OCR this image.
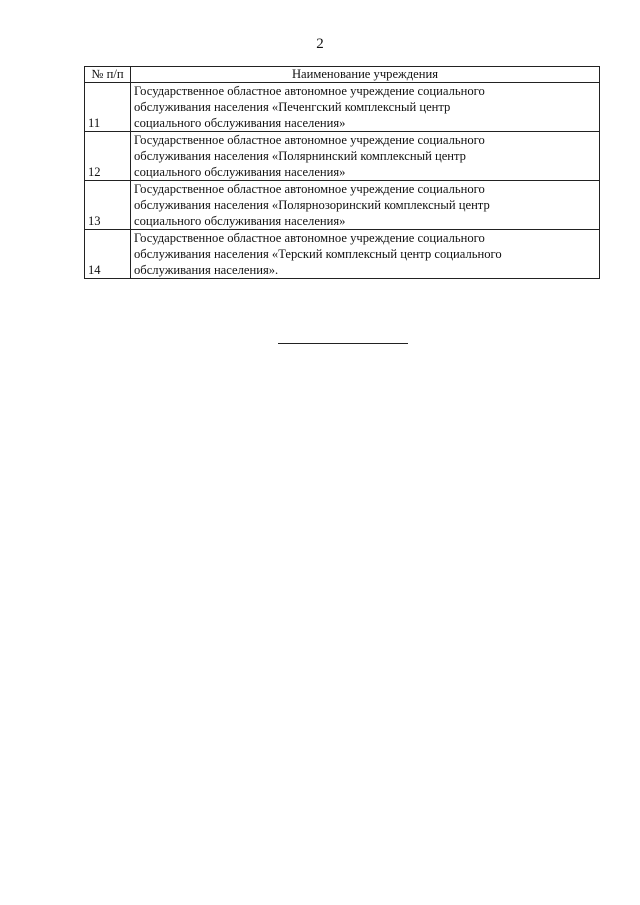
2
№ п/п	Наименование учреждения
11	Государственное областное автономное учреждение социального
обслуживания населения «Печенгский комплексный центр
социального обслуживания населения»

12	Государственное областное автономное учреждение социального
обслуживания населения «Полярнинский комплексный центр
социального обслуживания населения»

13	Государственное областное автономное учреждение социального
обслуживания населения «Полярнозоринский комплексный центр
социального обслуживания населения»

14	Государственное областное автономное учреждение социального
обслуживания населения «Терский комплексный центр социального
обслуживания населения».
